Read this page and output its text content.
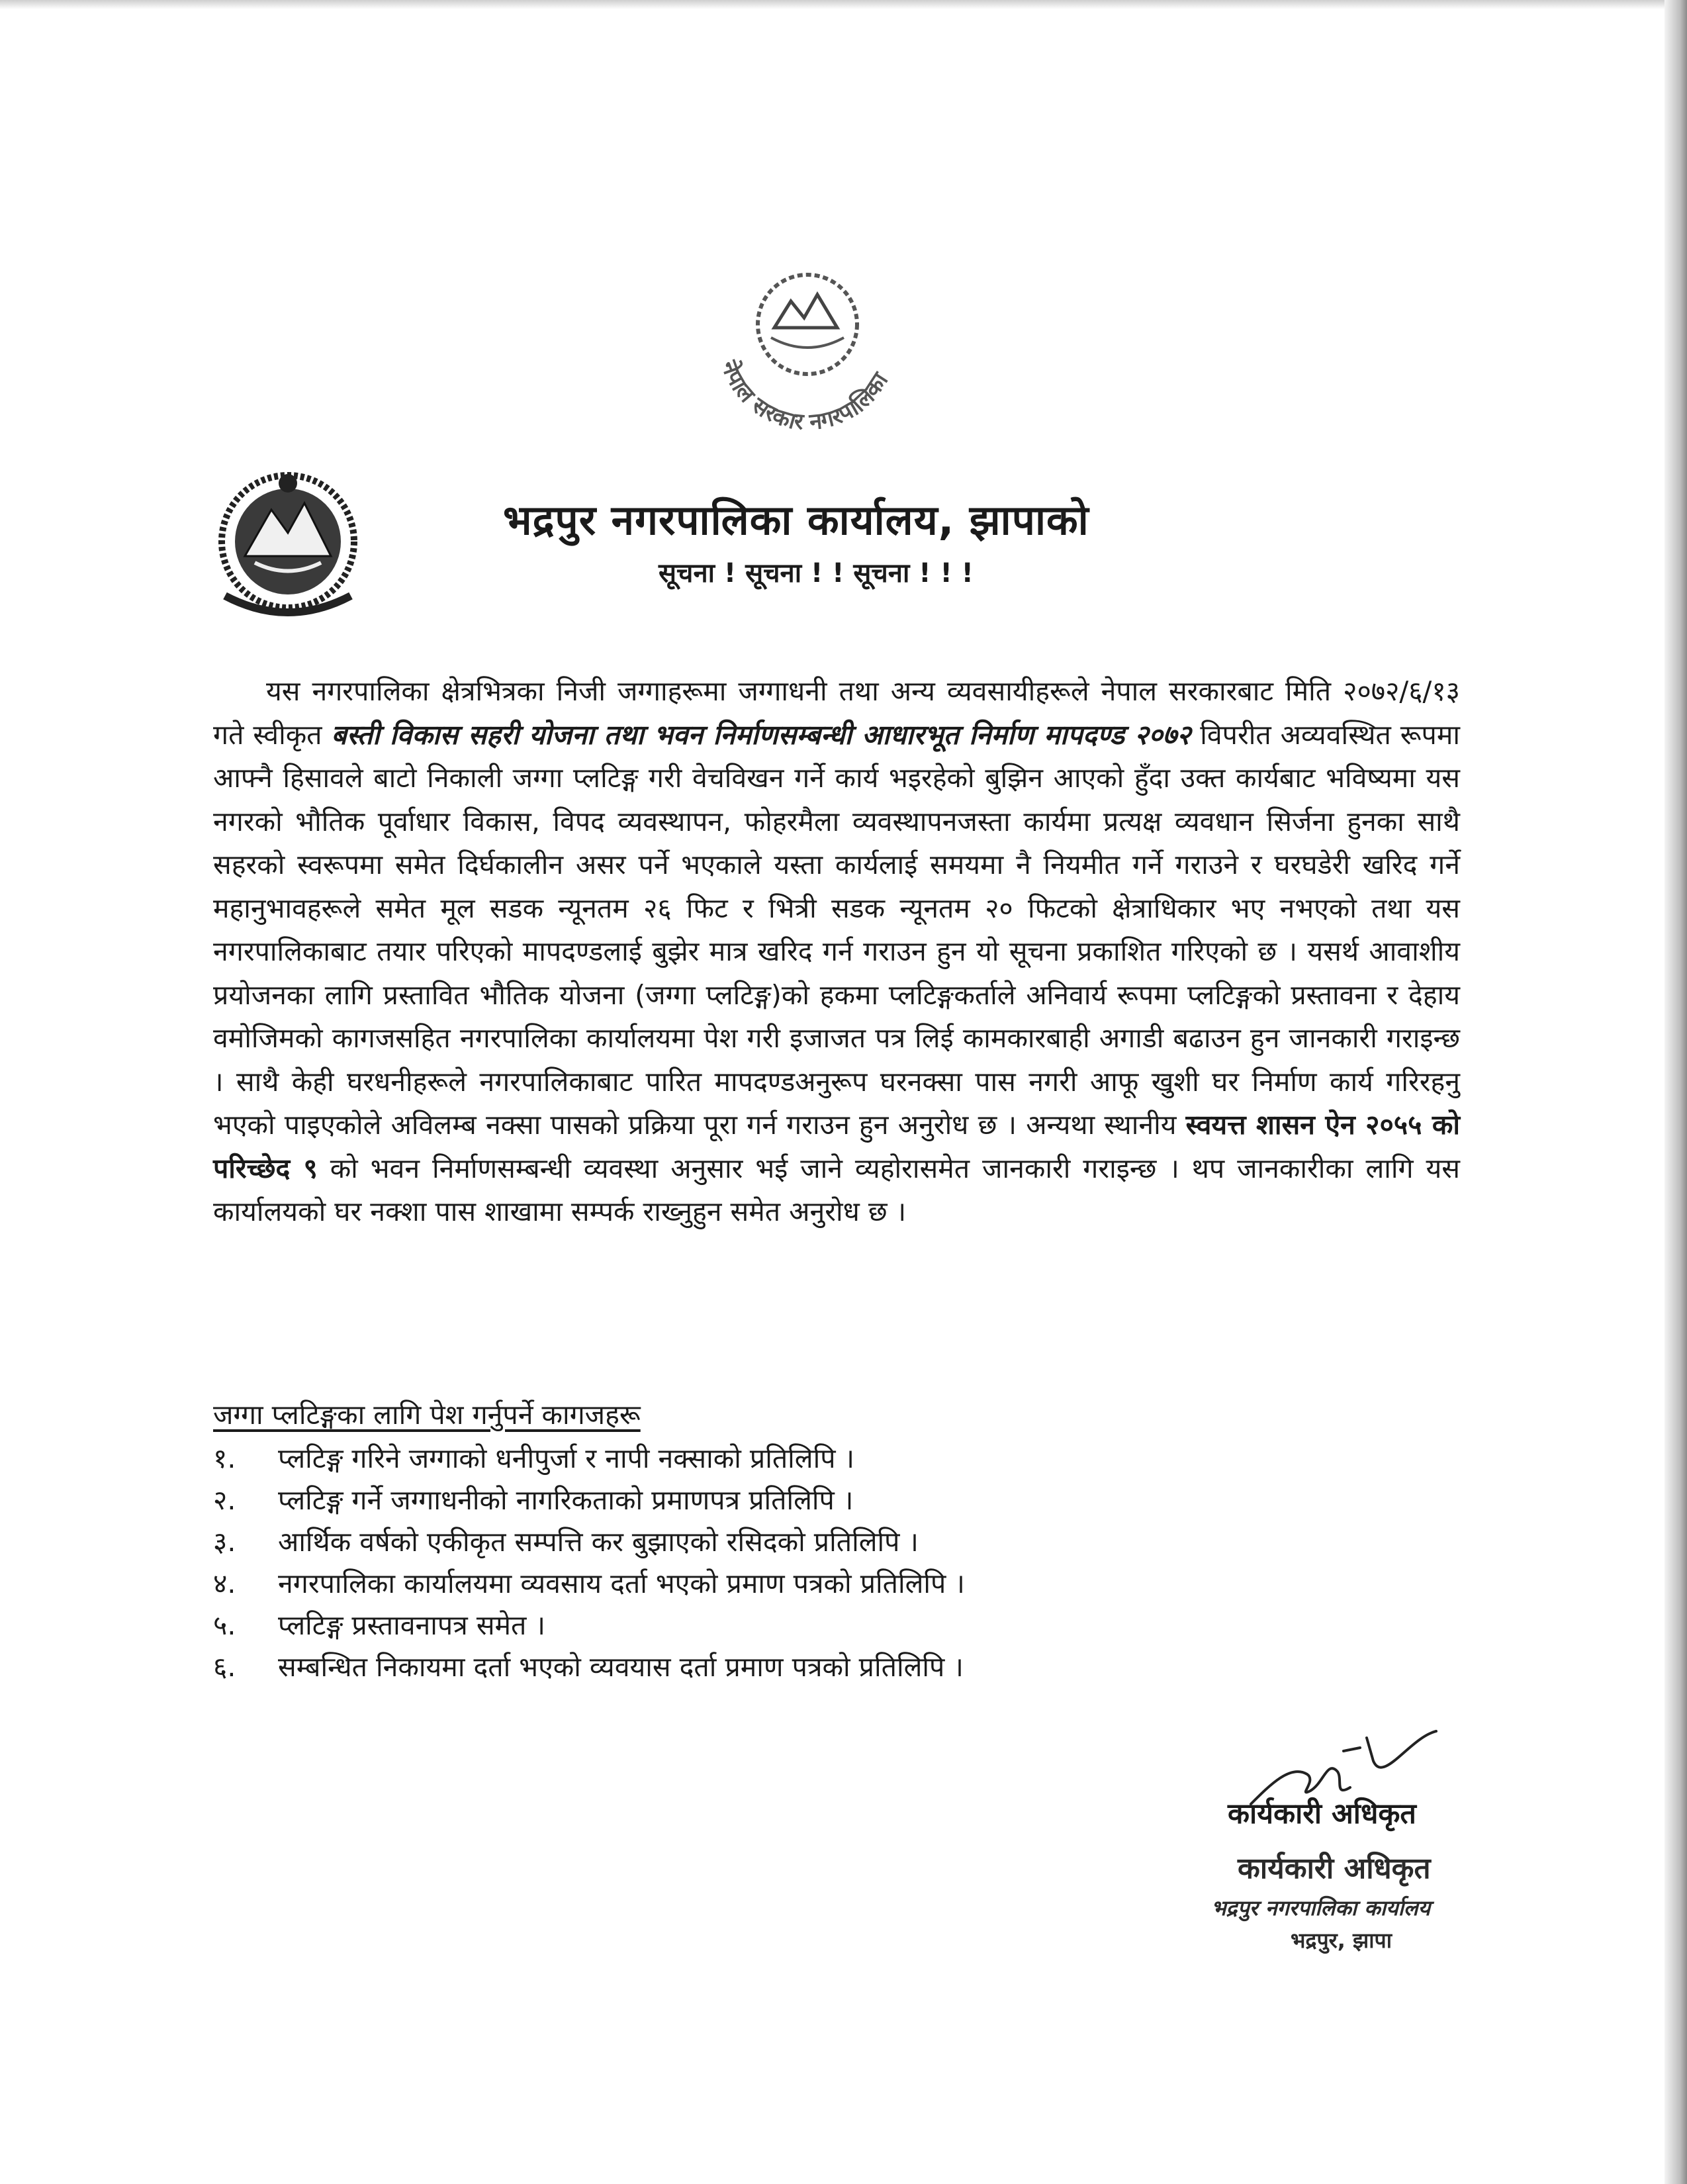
नेपाल सरकार नगरपालिका
भद्रपुर नगरपालिका कार्यालय, झापाको
सूचना ! सूचना ! ! सूचना ! ! !
यस नगरपालिका क्षेत्रभित्रका निजी जग्गाहरूमा जग्गाधनी तथा अन्य व्यवसायीहरूले नेपाल सरकारबाट मिति २०७२/६/१३ गते स्वीकृत बस्ती विकास सहरी योजना तथा भवन निर्माणसम्बन्धी आधारभूत निर्माण मापदण्ड २०७२ विपरीत अव्यवस्थित रूपमा आफ्नै हिसावले बाटो निकाली जग्गा प्लटिङ्ग गरी वेचविखन गर्ने कार्य भइरहेको बुझिन आएको हुँदा उक्त कार्यबाट भविष्यमा यस नगरको भौतिक पूर्वाधार विकास, विपद व्यवस्थापन, फोहरमैला व्यवस्थापनजस्ता कार्यमा प्रत्यक्ष व्यवधान सिर्जना हुनका साथै सहरको स्वरूपमा समेत दिर्घकालीन असर पर्ने भएकाले यस्ता कार्यलाई समयमा नै नियमीत गर्ने गराउने र घरघडेरी खरिद गर्ने महानुभावहरूले समेत मूल सडक न्यूनतम २६ फिट र भित्री सडक न्यूनतम २० फिटको क्षेत्राधिकार भए नभएको तथा यस नगरपालिकाबाट तयार परिएको मापदण्डलाई बुझेर मात्र खरिद गर्न गराउन हुन यो सूचना प्रकाशित गरिएको छ । यसर्थ आवाशीय प्रयोजनका लागि प्रस्तावित भौतिक योजना (जग्गा प्लटिङ्ग)को हकमा प्लटिङ्गकर्ताले अनिवार्य रूपमा प्लटिङ्गको प्रस्तावना र देहाय वमोजिमको कागजसहित नगरपालिका कार्यालयमा पेश गरी इजाजत पत्र लिई कामकारबाही अगाडी बढाउन हुन जानकारी गराइन्छ । साथै केही घरधनीहरूले नगरपालिकाबाट पारित मापदण्डअनुरूप घरनक्सा पास नगरी आफू खुशी घर निर्माण कार्य गरिरहनु भएको पाइएकोले अविलम्ब नक्सा पासको प्रक्रिया पूरा गर्न गराउन हुन अनुरोध छ । अन्यथा स्थानीय स्वयत्त शासन ऐन २०५५ को परिच्छेद ९ को भवन निर्माणसम्बन्धी व्यवस्था अनुसार भई जाने व्यहोरासमेत जानकारी गराइन्छ । थप जानकारीका लागि यस कार्यालयको घर नक्शा पास शाखामा सम्पर्क राख्नुहुन समेत अनुरोध छ ।
जग्गा प्लटिङ्गका लागि पेश गर्नुपर्ने कागजहरू
१.	प्लटिङ्ग गरिने जग्गाको धनीपुर्जा र नापी नक्साको प्रतिलिपि ।
२.	प्लटिङ्ग गर्ने जग्गाधनीको नागरिकताको प्रमाणपत्र प्रतिलिपि ।
३.	आर्थिक वर्षको एकीकृत सम्पत्ति कर बुझाएको रसिदको प्रतिलिपि ।
४.	नगरपालिका कार्यालयमा व्यवसाय दर्ता भएको प्रमाण पत्रको प्रतिलिपि ।
५.	प्लटिङ्ग प्रस्तावनापत्र समेत ।
६.	सम्बन्धित निकायमा दर्ता भएको व्यवयास दर्ता प्रमाण पत्रको प्रतिलिपि ।
कार्यकारी अधिकृत
कार्यकारी अधिकृत
भद्रपुर नगरपालिका कार्यालय
भद्रपुर, झापा
